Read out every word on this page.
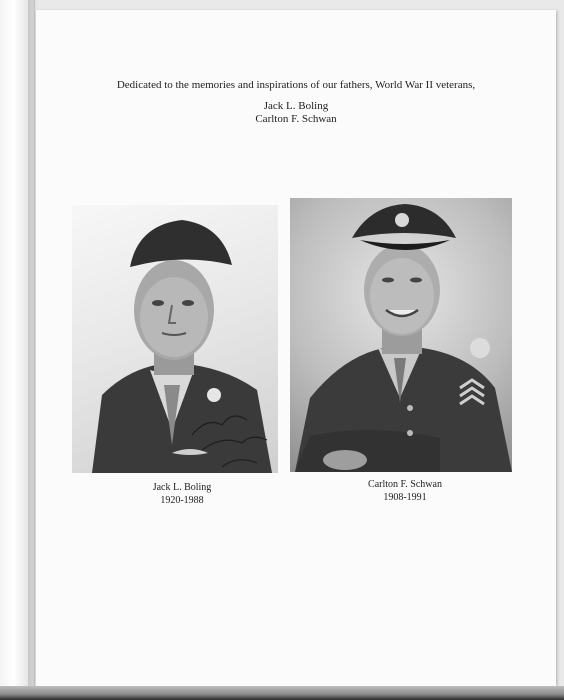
Dedicated to the memories and inspirations of our fathers, World War II veterans,
Jack L. Boling
Carlton F. Schwan
Jack L. Boling
1920-1988
Carlton F. Schwan
1908-1991
